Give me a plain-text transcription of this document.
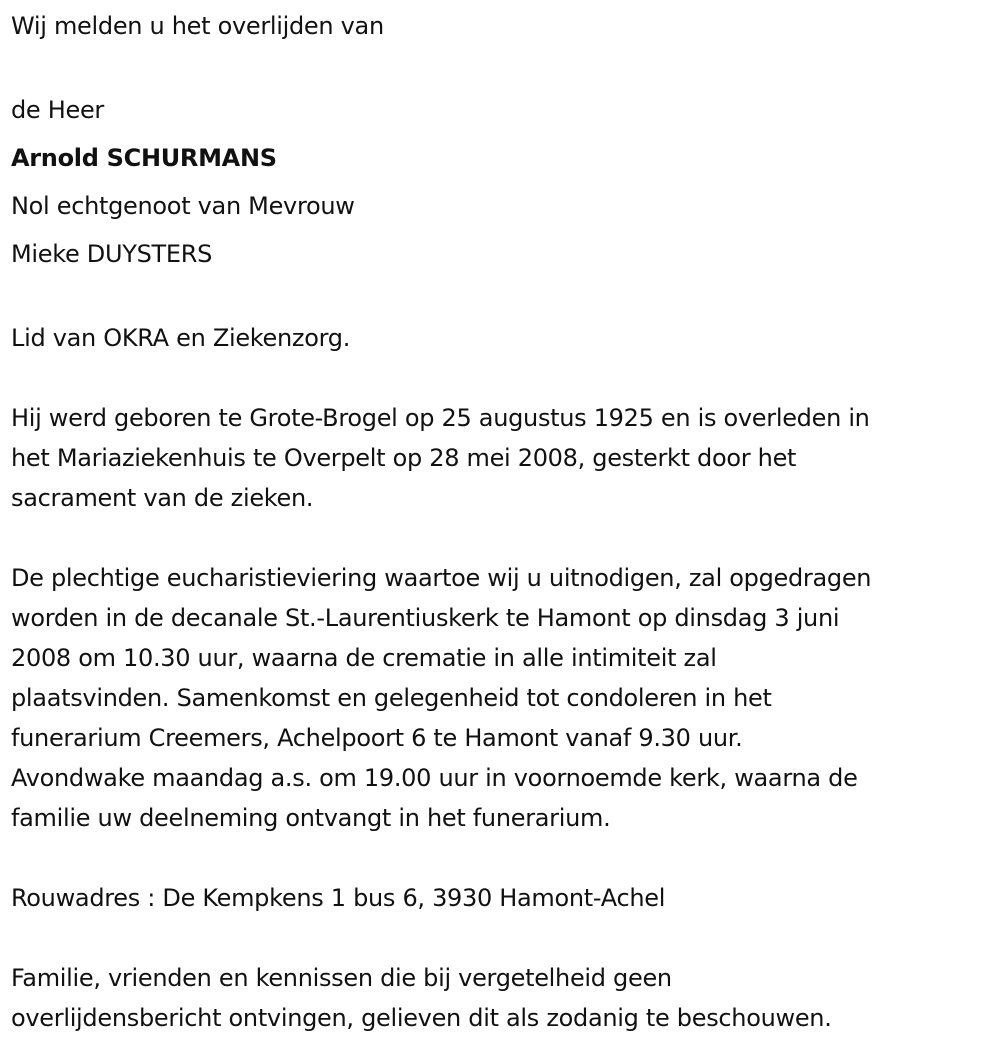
Wij melden u het overlijden van
de Heer
Arnold SCHURMANS
Nol echtgenoot van Mevrouw
Mieke DUYSTERS
Lid van OKRA en Ziekenzorg.
Hij werd geboren te Grote-Brogel op 25 augustus 1925 en is overleden in
het Mariaziekenhuis te Overpelt op 28 mei 2008, gesterkt door het
sacrament van de zieken.
De plechtige eucharistieviering waartoe wij u uitnodigen, zal opgedragen
worden in de decanale St.-Laurentiuskerk te Hamont op dinsdag 3 juni
2008 om 10.30 uur, waarna de crematie in alle intimiteit zal
plaatsvinden. Samenkomst en gelegenheid tot condoleren in het
funerarium Creemers, Achelpoort 6 te Hamont vanaf 9.30 uur.
Avondwake maandag a.s. om 19.00 uur in voornoemde kerk, waarna de
familie uw deelneming ontvangt in het funerarium.
Rouwadres : De Kempkens 1 bus 6, 3930 Hamont-Achel
Familie, vrienden en kennissen die bij vergetelheid geen
overlijdensbericht ontvingen, gelieven dit als zodanig te beschouwen.
